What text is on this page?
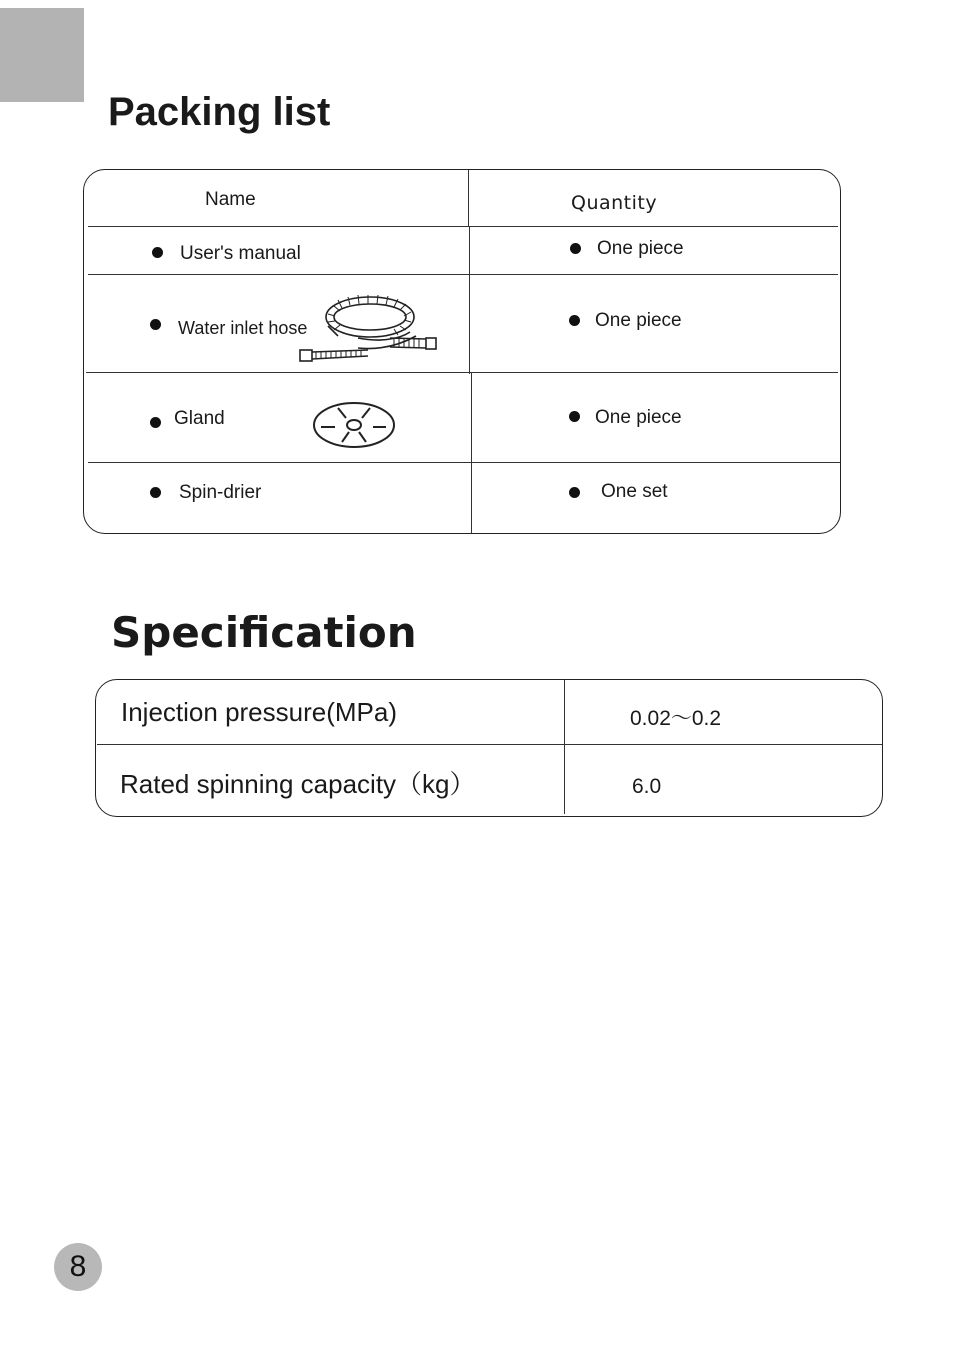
Packing list
Name	Quantity
User's manual	One piece
Water inlet hose	One piece
Gland	One piece
Spin-drier	One set
Specification
Injection pressure(MPa)	0.02～0.2
Rated spinning capacity（kg）	6.0
8
